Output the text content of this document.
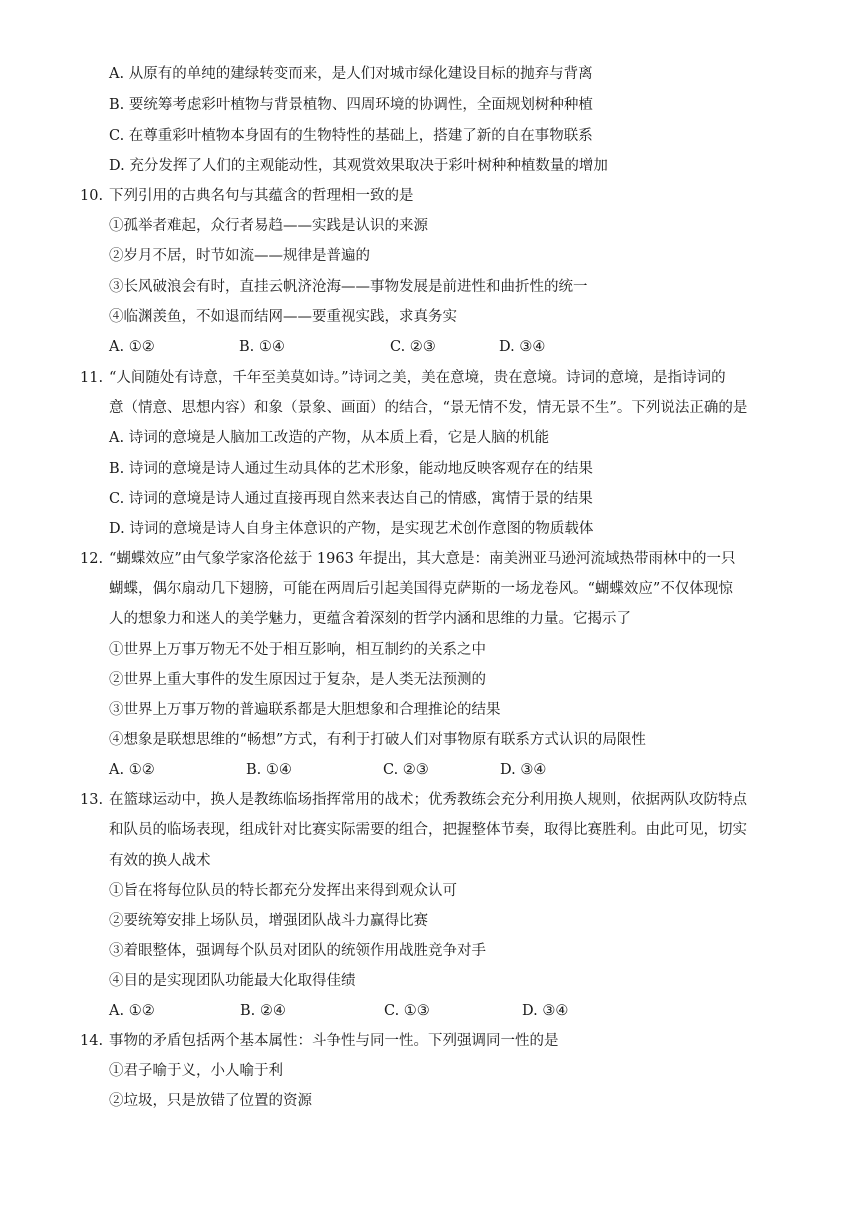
A. 从原有的单纯的建绿转变而来，是人们对城市绿化建设目标的抛弃与背离
B. 要统筹考虑彩叶植物与背景植物、四周环境的协调性，全面规划树种种植
C. 在尊重彩叶植物本身固有的生物特性的基础上，搭建了新的自在事物联系
D. 充分发挥了人们的主观能动性，其观赏效果取决于彩叶树种种植数量的增加
10. 下列引用的古典名句与其蕴含的哲理相一致的是
①孤举者难起，众行者易趋——实践是认识的来源
②岁月不居，时节如流——规律是普遍的
③长风破浪会有时，直挂云帆济沧海——事物发展是前进性和曲折性的统一
④临渊羡鱼，不如退而结网——要重视实践，求真务实
A. ①②	B. ①④	C. ②③	D. ③④
11. “人间随处有诗意，千年至美莫如诗。”诗词之美，美在意境，贵在意境。诗词的意境，是指诗词的
意（情意、思想内容）和象（景象、画面）的结合，“景无情不发，情无景不生”。下列说法正确的是
A. 诗词的意境是人脑加工改造的产物，从本质上看，它是人脑的机能
B. 诗词的意境是诗人通过生动具体的艺术形象，能动地反映客观存在的结果
C. 诗词的意境是诗人通过直接再现自然来表达自己的情感，寓情于景的结果
D. 诗词的意境是诗人自身主体意识的产物，是实现艺术创作意图的物质载体
12. “蝴蝶效应”由气象学家洛伦兹于 1963 年提出，其大意是：南美洲亚马逊河流域热带雨林中的一只
蝴蝶，偶尔扇动几下翅膀，可能在两周后引起美国得克萨斯的一场龙卷风。“蝴蝶效应”不仅体现惊
人的想象力和迷人的美学魅力，更蕴含着深刻的哲学内涵和思维的力量。它揭示了
①世界上万事万物无不处于相互影响，相互制约的关系之中
②世界上重大事件的发生原因过于复杂，是人类无法预测的
③世界上万事万物的普遍联系都是大胆想象和合理推论的结果
④想象是联想思维的“畅想”方式，有利于打破人们对事物原有联系方式认识的局限性
A. ①②	B. ①④	C. ②③	D. ③④
13. 在篮球运动中，换人是教练临场指挥常用的战术；优秀教练会充分利用换人规则，依据两队攻防特点
和队员的临场表现，组成针对比赛实际需要的组合，把握整体节奏，取得比赛胜利。由此可见，切实
有效的换人战术
①旨在将每位队员的特长都充分发挥出来得到观众认可
②要统筹安排上场队员，增强团队战斗力赢得比赛
③着眼整体，强调每个队员对团队的统领作用战胜竞争对手
④目的是实现团队功能最大化取得佳绩
A. ①②	B. ②④	C. ①③	D. ③④
14. 事物的矛盾包括两个基本属性：斗争性与同一性。下列强调同一性的是
①君子喻于义，小人喻于利
②垃圾，只是放错了位置的资源
